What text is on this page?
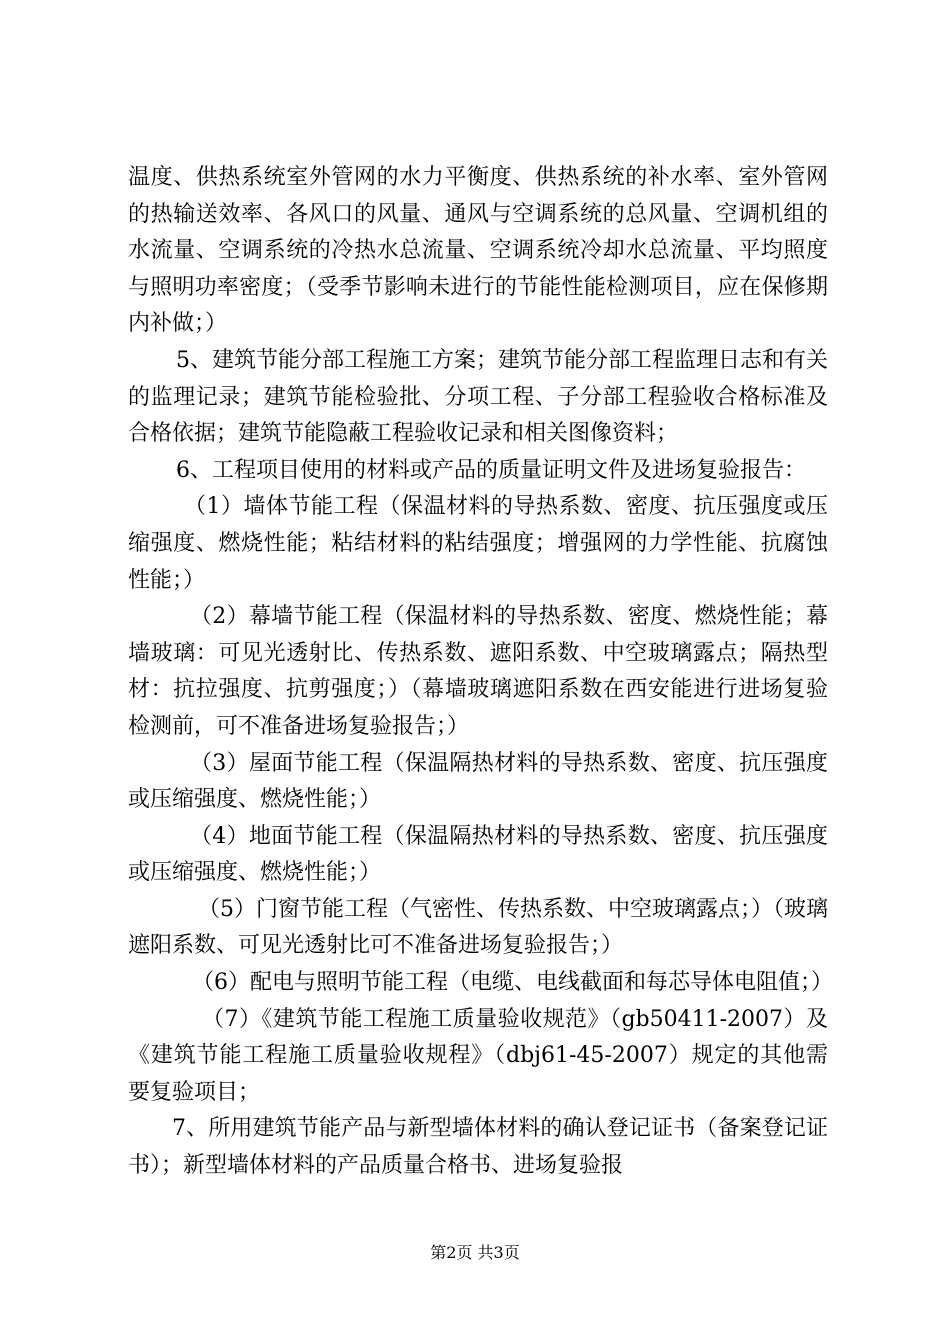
温度、供热系统室外管网的水力平衡度、供热系统的补水率、室外管网的热输送效率、各风口的风量、通风与空调系统的总风量、空调机组的水流量、空调系统的冷热水总流量、空调系统冷却水总流量、平均照度与照明功率密度；（受季节影响未进行的节能性能检测项目，应在保修期内补做；）

5、建筑节能分部工程施工方案；建筑节能分部工程监理日志和有关的监理记录；建筑节能检验批、分项工程、子分部工程验收合格标准及合格依据；建筑节能隐蔽工程验收记录和相关图像资料；

6、工程项目使用的材料或产品的质量证明文件及进场复验报告：

（1）墙体节能工程（保温材料的导热系数、密度、抗压强度或压缩强度、燃烧性能；粘结材料的粘结强度；增强网的力学性能、抗腐蚀性能；）

（2）幕墙节能工程（保温材料的导热系数、密度、燃烧性能；幕墙玻璃：可见光透射比、传热系数、遮阳系数、中空玻璃露点；隔热型材：抗拉强度、抗剪强度；）（幕墙玻璃遮阳系数在西安能进行进场复验检测前，可不准备进场复验报告；）

（3）屋面节能工程（保温隔热材料的导热系数、密度、抗压强度或压缩强度、燃烧性能；）

（4）地面节能工程（保温隔热材料的导热系数、密度、抗压强度或压缩强度、燃烧性能；）

（5）门窗节能工程（气密性、传热系数、中空玻璃露点；）（玻璃遮阳系数、可见光透射比可不准备进场复验报告；）

（6）配电与照明节能工程（电缆、电线截面和每芯导体电阻值；）

（7）《建筑节能工程施工质量验收规范》（gb50411-2007）及《建筑节能工程施工质量验收规程》（dbj61-45-2007）规定的其他需要复验项目；

7、所用建筑节能产品与新型墙体材料的确认登记证书（备案登记证书）；新型墙体材料的产品质量合格书、进场复验报

第2页 共3页
